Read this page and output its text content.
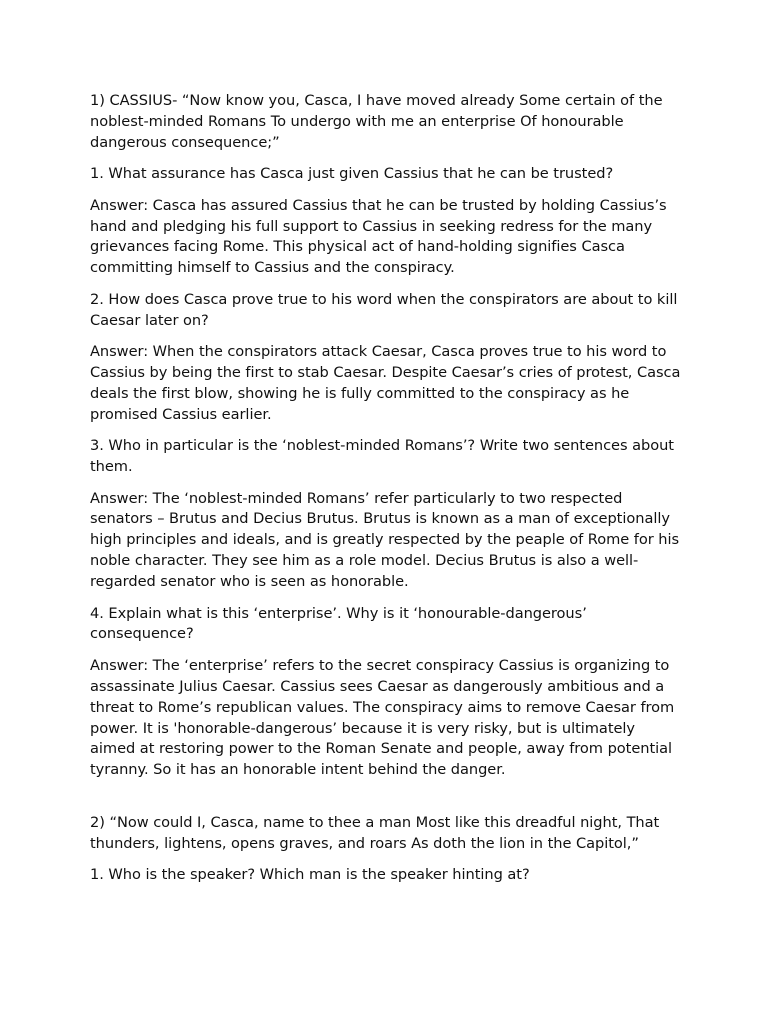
1) CASSIUS- “Now know you, Casca, I have moved already Some certain of the noblest-minded Romans To undergo with me an enterprise Of honourable dangerous consequence;”

1. What assurance has Casca just given Cassius that he can be trusted?

Answer: Casca has assured Cassius that he can be trusted by holding Cassius’s hand and pledging his full support to Cassius in seeking redress for the many grievances facing Rome. This physical act of hand-holding signifies Casca committing himself to Cassius and the conspiracy.

2. How does Casca prove true to his word when the conspirators are about to kill Caesar later on?

Answer: When the conspirators attack Caesar, Casca proves true to his word to Cassius by being the first to stab Caesar. Despite Caesar’s cries of protest, Casca deals the first blow, showing he is fully committed to the conspiracy as he promised Cassius earlier.

3. Who in particular is the ‘noblest-minded Romans’? Write two sentences about them.

Answer: The ‘noblest-minded Romans’ refer particularly to two respected senators – Brutus and Decius Brutus. Brutus is known as a man of exceptionally high principles and ideals, and is greatly respected by the peaple of Rome for his noble character. They see him as a role model. Decius Brutus is also a well-regarded senator who is seen as honorable.

4. Explain what is this ‘enterprise’. Why is it ‘honourable-dangerous’ consequence?

Answer: The ‘enterprise’ refers to the secret conspiracy Cassius is organizing to assassinate Julius Caesar. Cassius sees Caesar as dangerously ambitious and a threat to Rome’s republican values. The conspiracy aims to remove Caesar from power. It is 'honorable-dangerous’ because it is very risky, but is ultimately aimed at restoring power to the Roman Senate and people, away from potential tyranny. So it has an honorable intent behind the danger.

2) “Now could I, Casca, name to thee a man Most like this dreadful night, That thunders, lightens, opens graves, and roars As doth the lion in the Capitol,”

1. Who is the speaker? Which man is the speaker hinting at?
